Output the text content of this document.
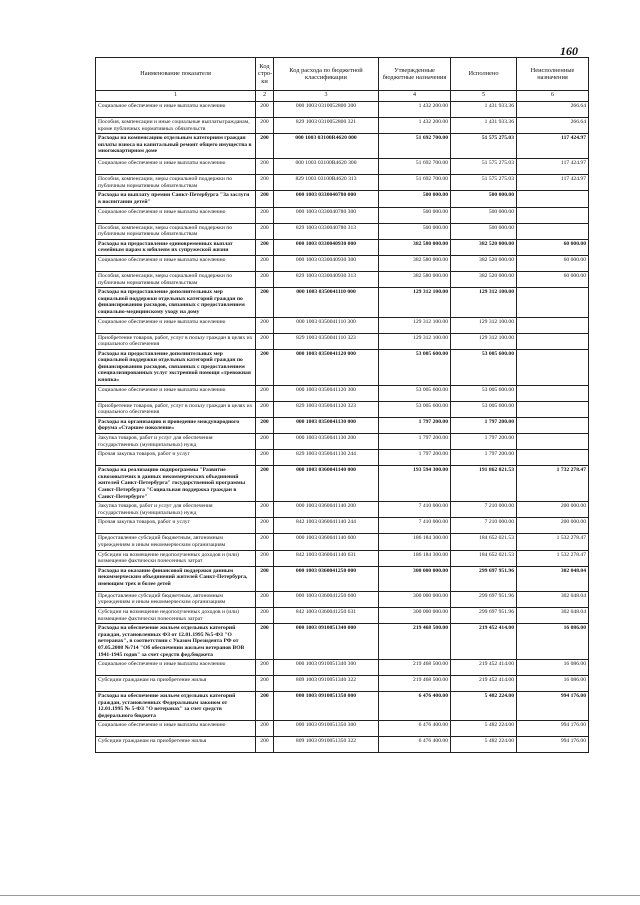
160
Наименование показателя	Код стро-ки	Код расхода по бюджетной классификации	Утвержденные бюджетные назначения	Исполнено	Неисполненные назначения
1	2	3	4	5	6
Социальное обеспечение и иные выплаты населению	200	000 1003 0310052800 300	1 432 200.00	1 431 933.36	266.64
Пособия, компенсации и иные социальные выплатыгражданам, кроме публичных нормативных обязательств	200	829 1003 0310052800 321	1 432 200.00	1 431 933.36	266.64
Расходы на компенсацию отдельным категориям граждан оплаты взноса на капитальный ремонт общего имущества в многоквартирном доме	200	000 1003 03100R4620 000	51 692 700.00	51 575 275.03	117 424.97
Социальное обеспечение и иные выплаты населению	200	000 1003 03100R4620 300	51 692 700.00	51 575 275.03	117 424.97
Пособия, компенсации, меры социальной поддержки по публичным нормативным обязательствам	200	829 1003 03100R4620 313	51 692 700.00	51 575 275.03	117 424.97
Расходы на выплату премии Санкт-Петербурга "За заслуги в воспитании детей"	200	000 1003 0330040780 000	500 000.00	500 000.00	
Социальное обеспечение и иные выплаты населению	200	000 1003 0330040780 300	500 000.00	500 000.00	
Пособия, компенсации, меры социальной поддержки по публичным нормативным обязательствам	200	829 1003 0330040780 313	500 000.00	500 000.00	
Расходы на предоставление единовременных выплат семейным парам к юбилеям их супружеской жизни	200	000 1003 0330040930 000	382 580 000.00	382 520 000.00	60 000.00
Социальное обеспечение и иные выплаты населению	200	000 1003 0330040930 300	382 580 000.00	382 520 000.00	60 000.00
Пособия, компенсации, меры социальной поддержки по публичным нормативным обязательствам	200	829 1003 0330040930 313	382 580 000.00	382 520 000.00	60 000.00
Расходы на предоставление дополнительных мер социальной поддержки отдельных категорий граждан по финансированию расходов, связанных с предоставлением социально-медицинскому уходу на дому	200	000 1003 0350041110 000	129 312 100.00	129 312 100.00	
Социальное обеспечение и иные выплаты населению	200	000 1003 0350041110 300	129 312 100.00	129 312 100.00	
Приобретение товаров, работ, услуг в пользу граждан в целях их социального обеспечения	200	829 1003 0350041110 323	129 312 100.00	129 312 100.00	
Расходы на предоставление дополнительных мер социальной поддержки отдельных категорий граждан по финансированию расходов, связанных с предоставлением специализированных услуг экстренной помощи «тревожная кнопка»	200	000 1003 0350041120 000	53 005 600.00	53 005 600.00	
Социальное обеспечение и иные выплаты населению	200	000 1003 0350041120 300	53 005 600.00	53 005 600.00	
Приобретение товаров, работ, услуг в пользу граждан в целях их социального обеспечения	200	829 1003 0350041120 323	53 005 600.00	53 005 600.00	
Расходы на организацию и проведение международного форума «Старшее поколение»	200	000 1003 0350041130 000	1 797 200.00	1 797 200.00	
Закупка товаров, работ и услуг для обеспечения государственных (муниципальных) нужд	200	000 1003 0350041130 200	1 797 200.00	1 797 200.00	
Прочая закупка товаров, работ и услуг	200	829 1003 0350041130 244	1 797 200.00	1 797 200.00	
Расходы на реализацию подпрограммы "Развитие сквозовытечих в данных некоммерческих объединений жителей Санкт-Петербурга" государственной программы Санкт-Петербурга "Социальная поддержка граждан в Санкт-Петербурге"	200	000 1003 0360041140 000	193 594 300.00	191 862 021.53	1 732 278.47
Закупка товаров, работ и услуг для обеспечения государственных (муниципальных) нужд	200	000 1003 0360041140 200	7 410 000.00	7 210 000.00	200 000.00
Прочая закупка товаров, работ и услуг	200	842 1003 0360041140 244	7 410 000.00	7 210 000.00	200 000.00
Предоставление субсидий бюджетным, автономным учреждениям и иным некоммерческим организациям	200	000 1003 0360041140 600	186 184 300.00	184 652 021.53	1 532 278.47
Субсидии на возмещение недополученных доходов и (или) возмещение фактически понесенных затрат	200	842 1003 0360041140 631	186 184 300.00	184 652 021.53	1 532 278.47
Расходы на оказание финансовой поддержки данным некоммерческим объединений жителей Санкт-Петербурга, имеющим трех и более детей	200	000 1003 0360041250 000	300 000 000.00	299 697 951.96	302 048.04
Предоставление субсидий бюджетным, автономным учреждениям и иным некоммерческим организациям	200	000 1003 0360041250 600	300 000 000.00	299 697 951.96	302 048.04
Субсидии на возмещение недополученных доходов и (или) возмещение фактически понесенных затрат	200	842 1003 0360041250 631	300 000 000.00	299 697 951.96	302 048.04
Расходы на обеспечение жильем отдельных категорий граждан, установленных ФЗ от 12.01.1995 №5-ФЗ "О ветеранах", в соответствии с Указом Президента РФ от 07.05.2008 №714 "Об обеспечении жильем ветеранов ВОВ 1941-1945 годов" за счет средств фед.бюджета	200	000 1003 0910051340 000	219 468 500.00	219 452 414.00	16 086.00
Социальное обеспечение и иные выплаты населению	200	000 1003 0910051340 300	219 468 500.00	219 452 414.00	16 086.00
Субсидии гражданам на приобретение жилья	200	809 1003 0910051340 322	219 468 500.00	219 452 414.00	16 086.00
Расходы на обеспечение жильем отдельных категорий граждан, установленных Федеральным законом от 12.01.1995 № 5-ФЗ "О ветеранах" за счет средств федерального бюджета	200	000 1003 0910051350 000	6 476 400.00	5 482 224.00	994 176.00
Социальное обеспечение и иные выплаты населению	200	000 1003 0910051350 300	6 476 400.00	5 482 224.00	994 176.00
Субсидии гражданам на приобретение жилья	200	809 1003 0910051350 322	6 476 400.00	5 482 224.00	994 176.00
